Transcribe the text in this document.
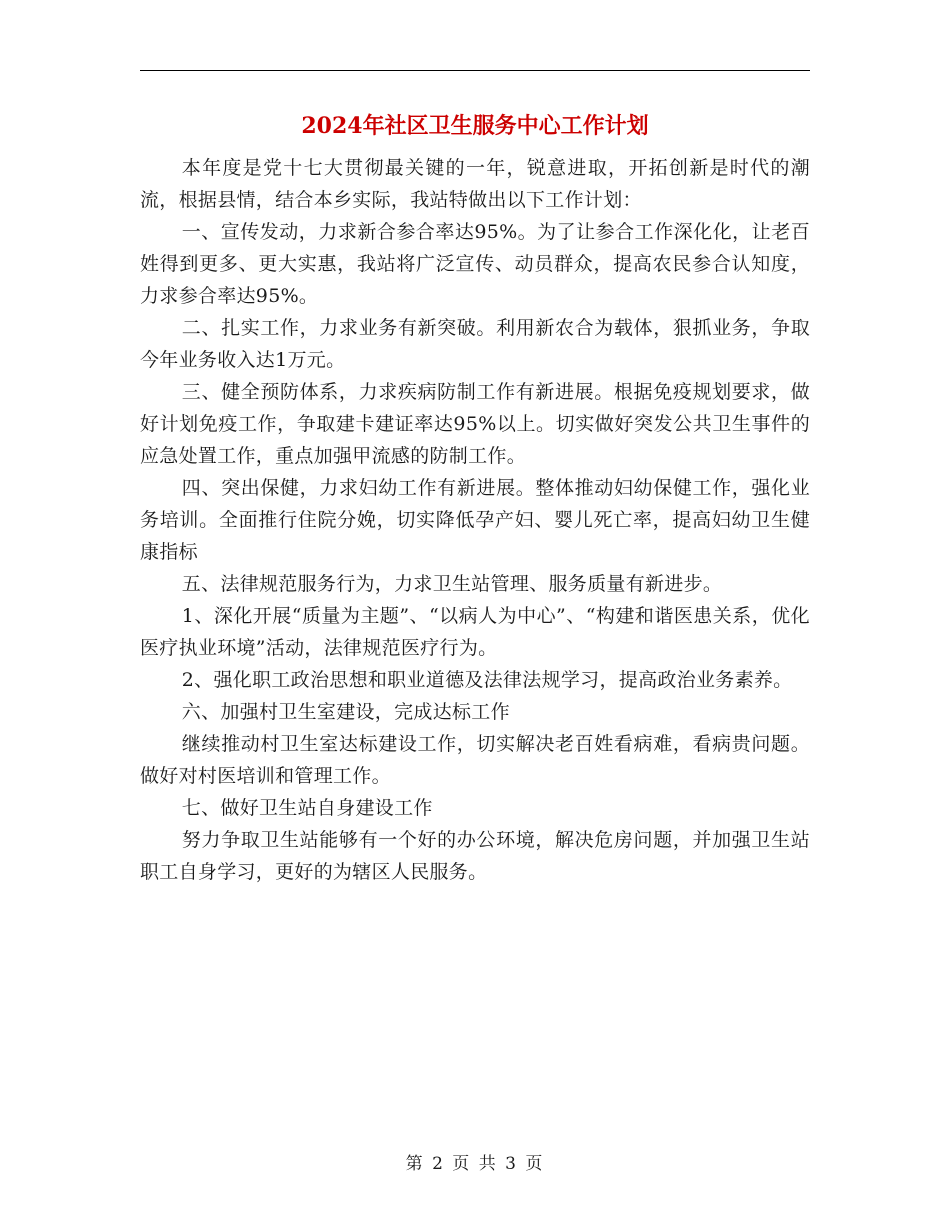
2024年社区卫生服务中心工作计划

本年度是党十七大贯彻最关键的一年，锐意进取，开拓创新是时代的潮流，根据县情，结合本乡实际，我站特做出以下工作计划：

一、宣传发动，力求新合参合率达95%。为了让参合工作深化化，让老百姓得到更多、更大实惠，我站将广泛宣传、动员群众，提高农民参合认知度，力求参合率达95%。

二、扎实工作，力求业务有新突破。利用新农合为载体，狠抓业务，争取今年业务收入达1万元。

三、健全预防体系，力求疾病防制工作有新进展。根据免疫规划要求，做好计划免疫工作，争取建卡建证率达95%以上。切实做好突发公共卫生事件的应急处置工作，重点加强甲流感的防制工作。

四、突出保健，力求妇幼工作有新进展。整体推动妇幼保健工作，强化业务培训。全面推行住院分娩，切实降低孕产妇、婴儿死亡率，提高妇幼卫生健康指标

五、法律规范服务行为，力求卫生站管理、服务质量有新进步。

1、深化开展“质量为主题”、“以病人为中心”、“构建和谐医患关系，优化医疗执业环境”活动，法律规范医疗行为。

2、强化职工政治思想和职业道德及法律法规学习，提高政治业务素养。

六、加强村卫生室建设，完成达标工作

继续推动村卫生室达标建设工作，切实解决老百姓看病难，看病贵问题。做好对村医培训和管理工作。

七、做好卫生站自身建设工作

努力争取卫生站能够有一个好的办公环境，解决危房问题，并加强卫生站职工自身学习，更好的为辖区人民服务。

第 2 页 共 3 页
